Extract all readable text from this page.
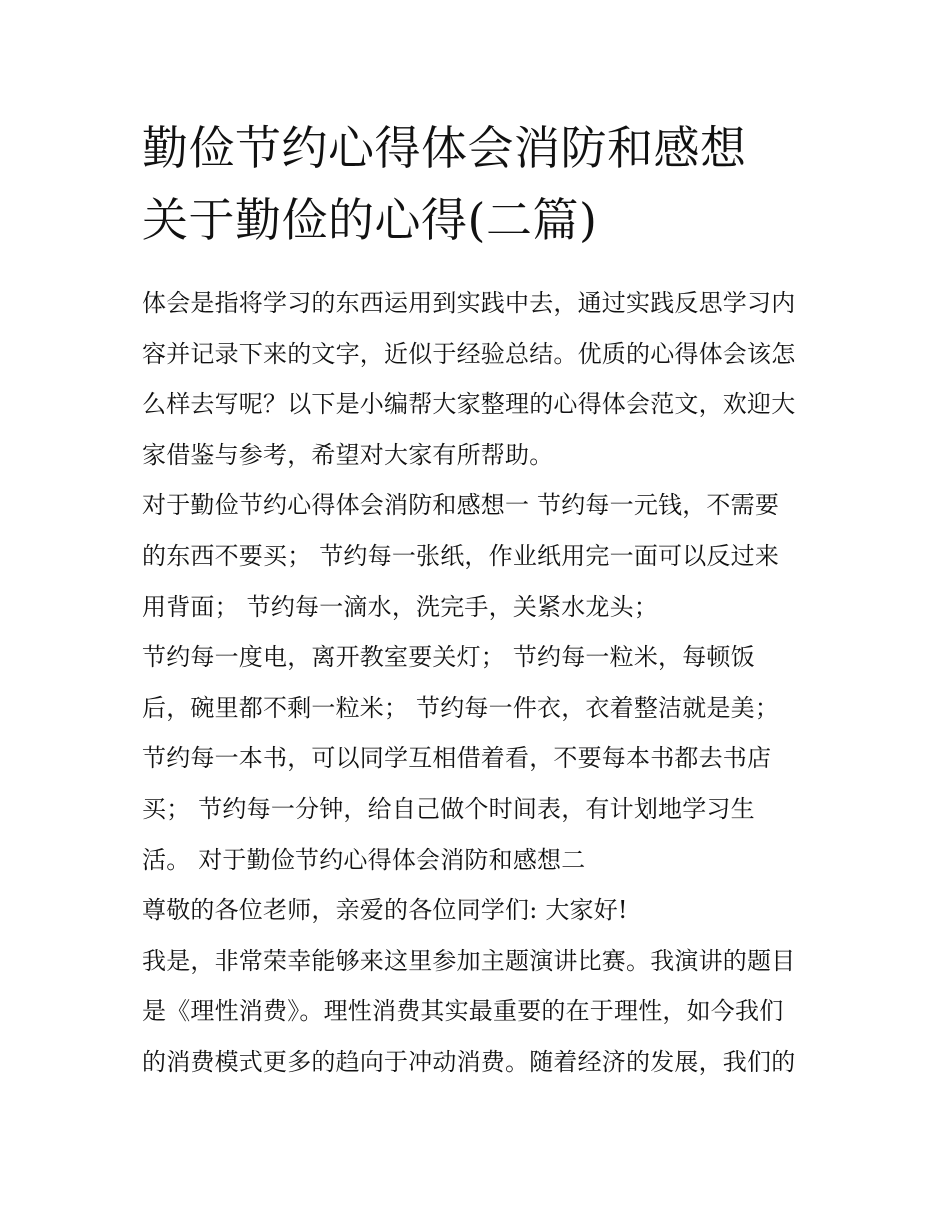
勤俭节约心得体会消防和感想
关于勤俭的心得(二篇)
体会是指将学习的东西运用到实践中去，通过实践反思学习内
容并记录下来的文字，近似于经验总结。优质的心得体会该怎
么样去写呢？以下是小编帮大家整理的心得体会范文，欢迎大
家借鉴与参考，希望对大家有所帮助。
对于勤俭节约心得体会消防和感想一 节约每一元钱，不需要
的东西不要买； 节约每一张纸，作业纸用完一面可以反过来
用背面； 节约每一滴水，洗完手，关紧水龙头；
节约每一度电，离开教室要关灯； 节约每一粒米，每顿饭
后，碗里都不剩一粒米； 节约每一件衣，衣着整洁就是美；
节约每一本书，可以同学互相借着看，不要每本书都去书店
买； 节约每一分钟，给自己做个时间表，有计划地学习生
活。 对于勤俭节约心得体会消防和感想二
尊敬的各位老师，亲爱的各位同学们: 大家好!
我是，非常荣幸能够来这里参加主题演讲比赛。我演讲的题目
是《理性消费》。理性消费其实最重要的在于理性，如今我们
的消费模式更多的趋向于冲动消费。随着经济的发展，我们的
